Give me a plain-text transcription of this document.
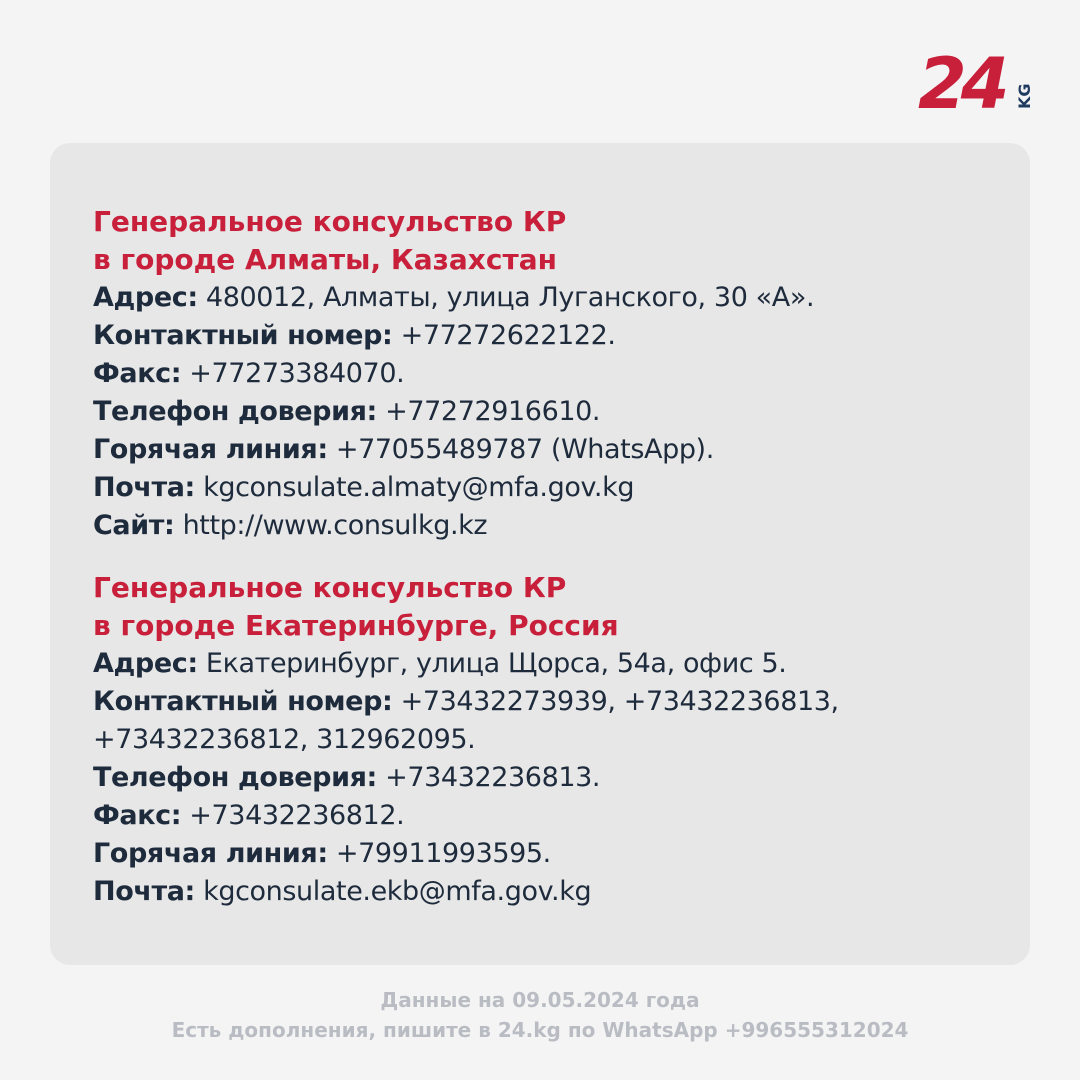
24 KG
Генеральное консульство КР
в городе Алматы, Казахстан
Адрес: 480012, Алматы, улица Луганского, 30 «А».
Контактный номер: +77272622122.
Факс: +77273384070.
Телефон доверия: +77272916610.
Горячая линия: +77055489787 (WhatsApp).
Почта: kgconsulate.almaty@mfa.gov.kg
Сайт: http://www.consulkg.kz
Генеральное консульство КР
в городе Екатеринбурге, Россия
Адрес: Екатеринбург, улица Щорса, 54а, офис 5.
Контактный номер: +73432273939, +73432236813,
+73432236812, 312962095.
Телефон доверия: +73432236813.
Факс: +73432236812.
Горячая линия: +79911993595.
Почта: kgconsulate.ekb@mfa.gov.kg
Данные на 09.05.2024 года
Есть дополнения, пишите в 24.kg по WhatsApp +996555312024
